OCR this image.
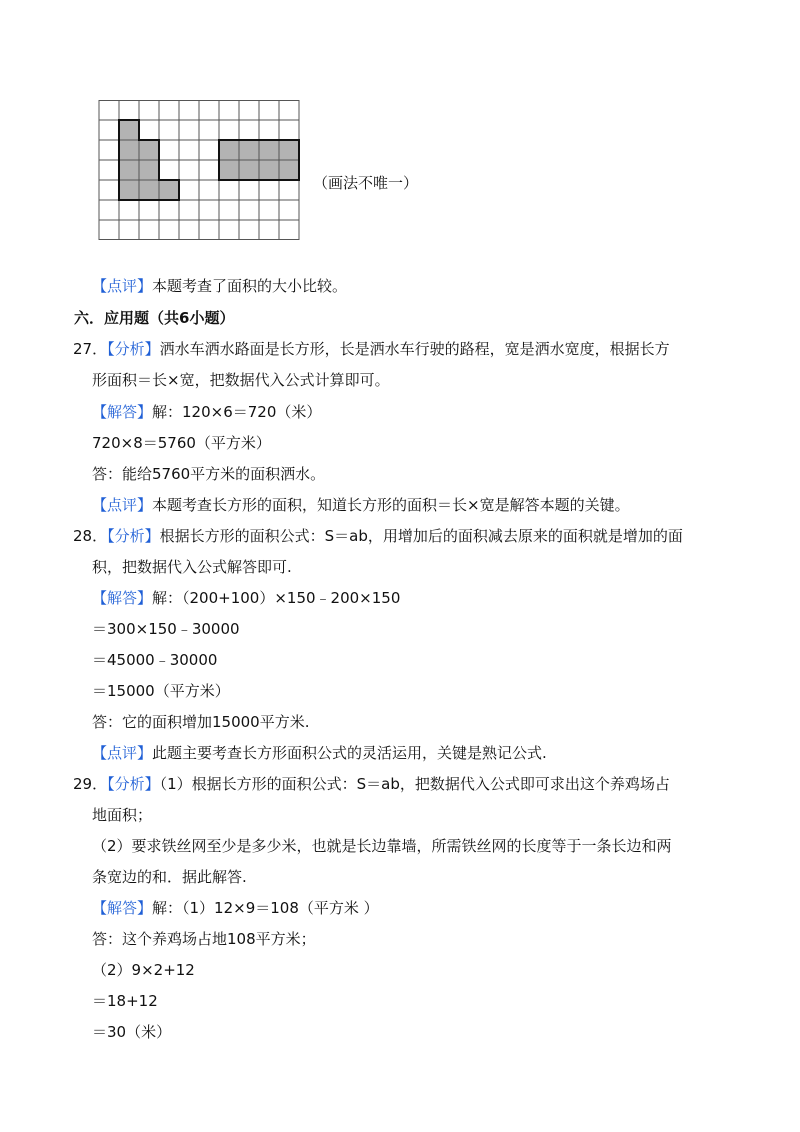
（画法不唯一）
【点评】本题考查了面积的大小比较。
六．应用题（共6小题）
27．【分析】洒水车洒水路面是长方形，长是洒水车行驶的路程，宽是洒水宽度，根据长方
形面积＝长×宽，把数据代入公式计算即可。
【解答】解：120×6＝720（米）
720×8＝5760（平方米）
答：能给5760平方米的面积洒水。
【点评】本题考查长方形的面积，知道长方形的面积＝长×宽是解答本题的关键。
28．【分析】根据长方形的面积公式：S＝ab，用增加后的面积减去原来的面积就是增加的面
积，把数据代入公式解答即可.
【解答】解：（200+100）×150﹣200×150
＝300×150﹣30000
＝45000﹣30000
＝15000（平方米）
答：它的面积增加15000平方米.
【点评】此题主要考查长方形面积公式的灵活运用，关键是熟记公式.
29．【分析】（1）根据长方形的面积公式：S＝ab，把数据代入公式即可求出这个养鸡场占
地面积；
（2）要求铁丝网至少是多少米，也就是长边靠墙，所需铁丝网的长度等于一条长边和两
条宽边的和．据此解答.
【解答】解：（1）12×9＝108（平方米 ）
答：这个养鸡场占地108平方米；
（2）9×2+12
＝18+12
＝30（米）
